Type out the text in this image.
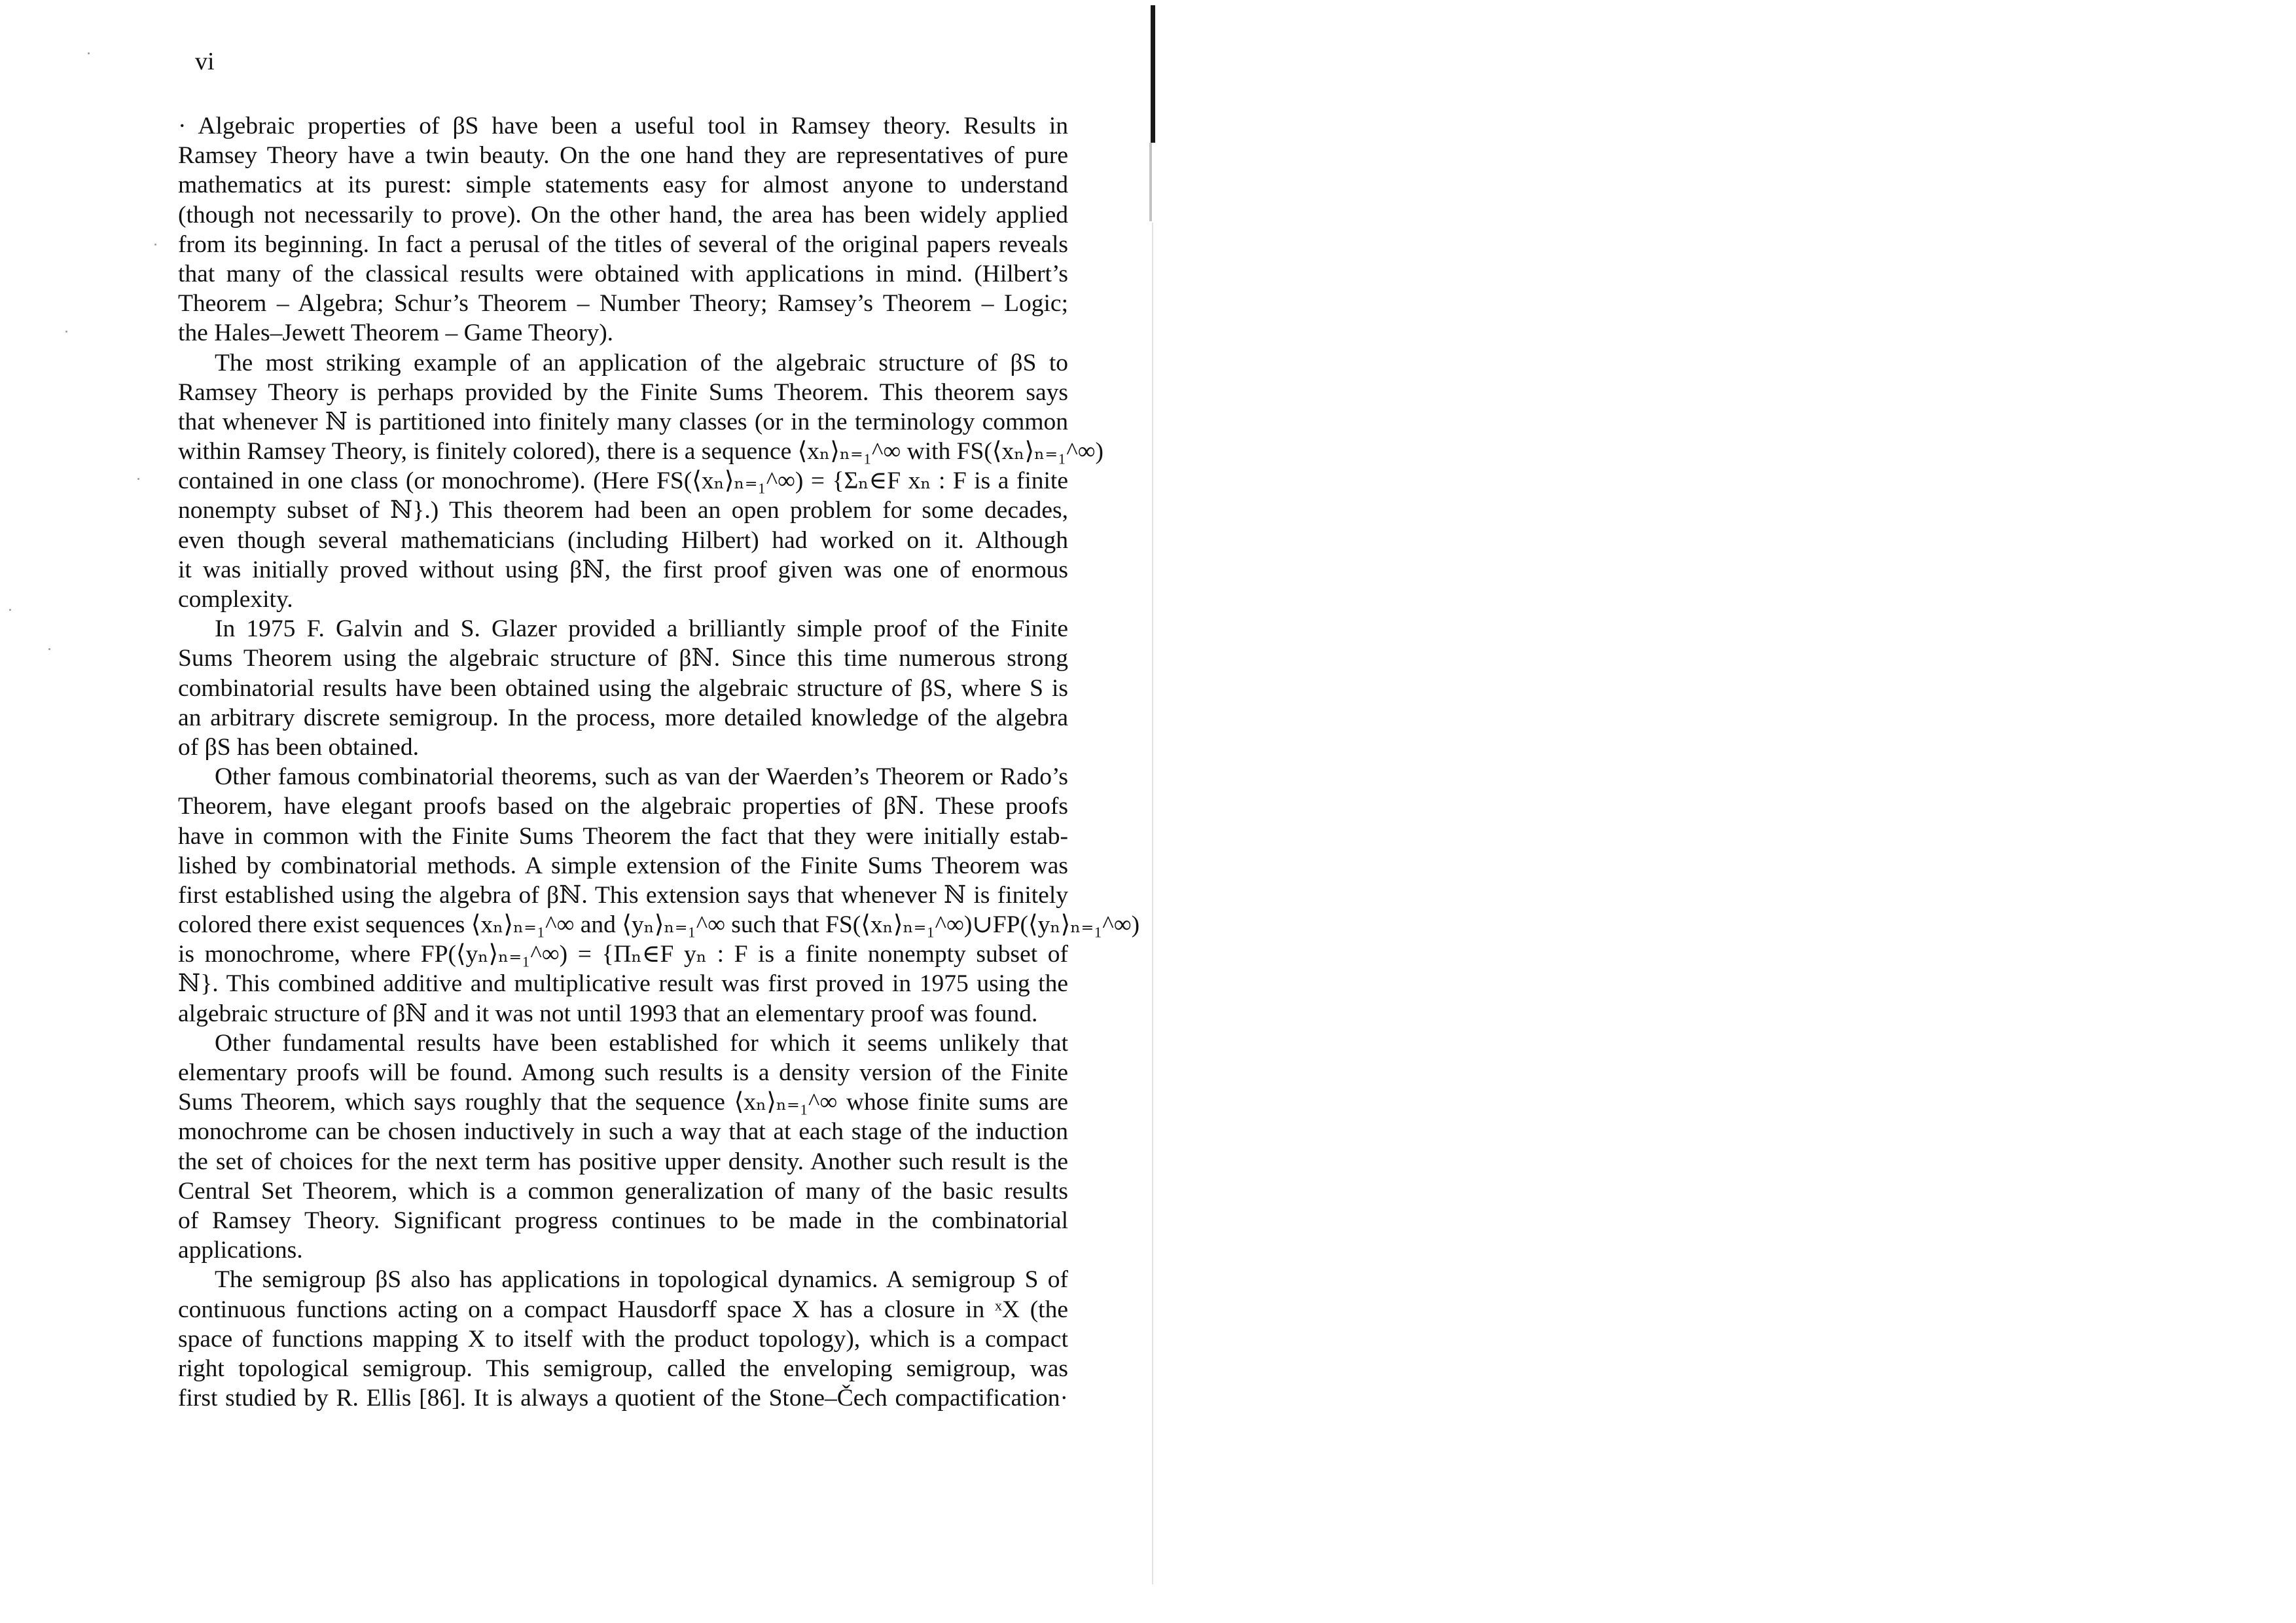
vi
· Algebraic properties of βS have been a useful tool in Ramsey theory. Results in
Ramsey Theory have a twin beauty. On the one hand they are representatives of pure
mathematics at its purest: simple statements easy for almost anyone to understand
(though not necessarily to prove). On the other hand, the area has been widely applied
from its beginning. In fact a perusal of the titles of several of the original papers reveals
that many of the classical results were obtained with applications in mind. (Hilbert’s
Theorem – Algebra; Schur’s Theorem – Number Theory; Ramsey’s Theorem – Logic;
the Hales–Jewett Theorem – Game Theory).
The most striking example of an application of the algebraic structure of βS to
Ramsey Theory is perhaps provided by the Finite Sums Theorem. This theorem says
that whenever ℕ is partitioned into finitely many classes (or in the terminology common
within Ramsey Theory, is finitely colored), there is a sequence ⟨xₙ⟩ₙ₌₁^∞ with FS(⟨xₙ⟩ₙ₌₁^∞)
contained in one class (or monochrome). (Here FS(⟨xₙ⟩ₙ₌₁^∞) = {Σₙ∈F xₙ : F is a finite
nonempty subset of ℕ}.) This theorem had been an open problem for some decades,
even though several mathematicians (including Hilbert) had worked on it. Although
it was initially proved without using βℕ, the first proof given was one of enormous
complexity.
In 1975 F. Galvin and S. Glazer provided a brilliantly simple proof of the Finite
Sums Theorem using the algebraic structure of βℕ. Since this time numerous strong
combinatorial results have been obtained using the algebraic structure of βS, where S is
an arbitrary discrete semigroup. In the process, more detailed knowledge of the algebra
of βS has been obtained.
Other famous combinatorial theorems, such as van der Waerden’s Theorem or Rado’s
Theorem, have elegant proofs based on the algebraic properties of βℕ. These proofs
have in common with the Finite Sums Theorem the fact that they were initially estab-
lished by combinatorial methods. A simple extension of the Finite Sums Theorem was
first established using the algebra of βℕ. This extension says that whenever ℕ is finitely
colored there exist sequences ⟨xₙ⟩ₙ₌₁^∞ and ⟨yₙ⟩ₙ₌₁^∞ such that FS(⟨xₙ⟩ₙ₌₁^∞)∪FP(⟨yₙ⟩ₙ₌₁^∞)
is monochrome, where FP(⟨yₙ⟩ₙ₌₁^∞) = {Πₙ∈F yₙ : F is a finite nonempty subset of
ℕ}. This combined additive and multiplicative result was first proved in 1975 using the
algebraic structure of βℕ and it was not until 1993 that an elementary proof was found.
Other fundamental results have been established for which it seems unlikely that
elementary proofs will be found. Among such results is a density version of the Finite
Sums Theorem, which says roughly that the sequence ⟨xₙ⟩ₙ₌₁^∞ whose finite sums are
monochrome can be chosen inductively in such a way that at each stage of the induction
the set of choices for the next term has positive upper density. Another such result is the
Central Set Theorem, which is a common generalization of many of the basic results
of Ramsey Theory. Significant progress continues to be made in the combinatorial
applications.
The semigroup βS also has applications in topological dynamics. A semigroup S of
continuous functions acting on a compact Hausdorff space X has a closure in ˣX (the
space of functions mapping X to itself with the product topology), which is a compact
right topological semigroup. This semigroup, called the enveloping semigroup, was
first studied by R. Ellis [86]. It is always a quotient of the Stone–Čech compactification·
